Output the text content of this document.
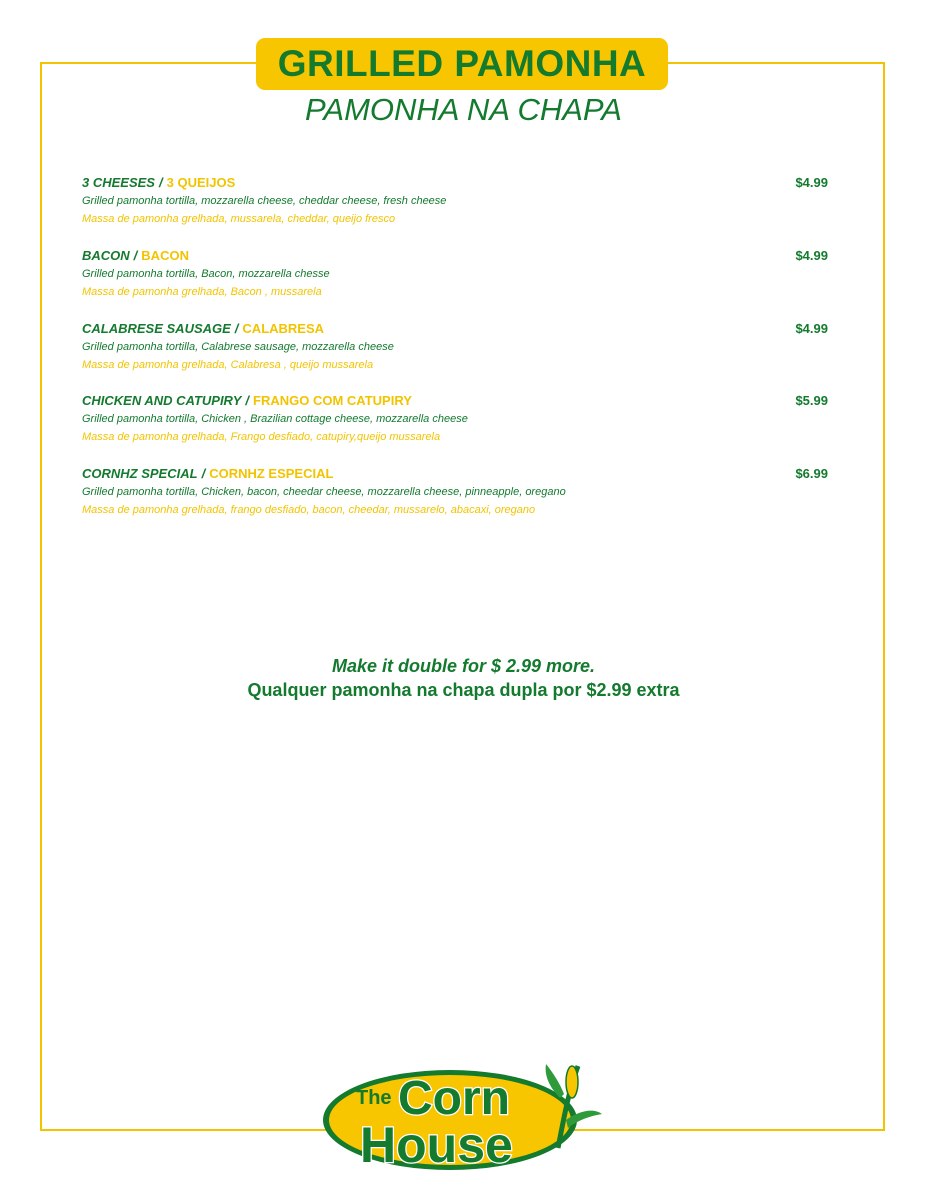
GRILLED PAMONHA
PAMONHA NA CHAPA
3 CHEESES / 3 QUEIJOS	$4.99
Grilled pamonha tortilla, mozzarella cheese, cheddar cheese, fresh cheese
Massa de pamonha grelhada, mussarela, cheddar, queijo fresco
BACON / BACON	$4.99
Grilled pamonha tortilla, Bacon, mozzarella chesse
Massa de pamonha grelhada, Bacon , mussarela
CALABRESE SAUSAGE / CALABRESA	$4.99
Grilled pamonha tortilla, Calabrese sausage, mozzarella cheese
Massa de pamonha grelhada, Calabresa , queijo mussarela
CHICKEN AND CATUPIRY / FRANGO COM CATUPIRY	$5.99
Grilled pamonha tortilla, Chicken , Brazilian cottage cheese, mozzarella cheese
Massa de pamonha grelhada, Frango desfiado, catupiry,queijo mussarela
CORNHZ SPECIAL / CORNHZ ESPECIAL	$6.99
Grilled pamonha tortilla, Chicken, bacon, cheedar cheese, mozzarella cheese, pinneapple, oregano
Massa de pamonha grelhada, frango desfiado, bacon, cheedar, mussarelo, abacaxi, oregano
Make it double for $ 2.99 more.
Qualquer pamonha na chapa dupla por $2.99 extra
The Corn
House
